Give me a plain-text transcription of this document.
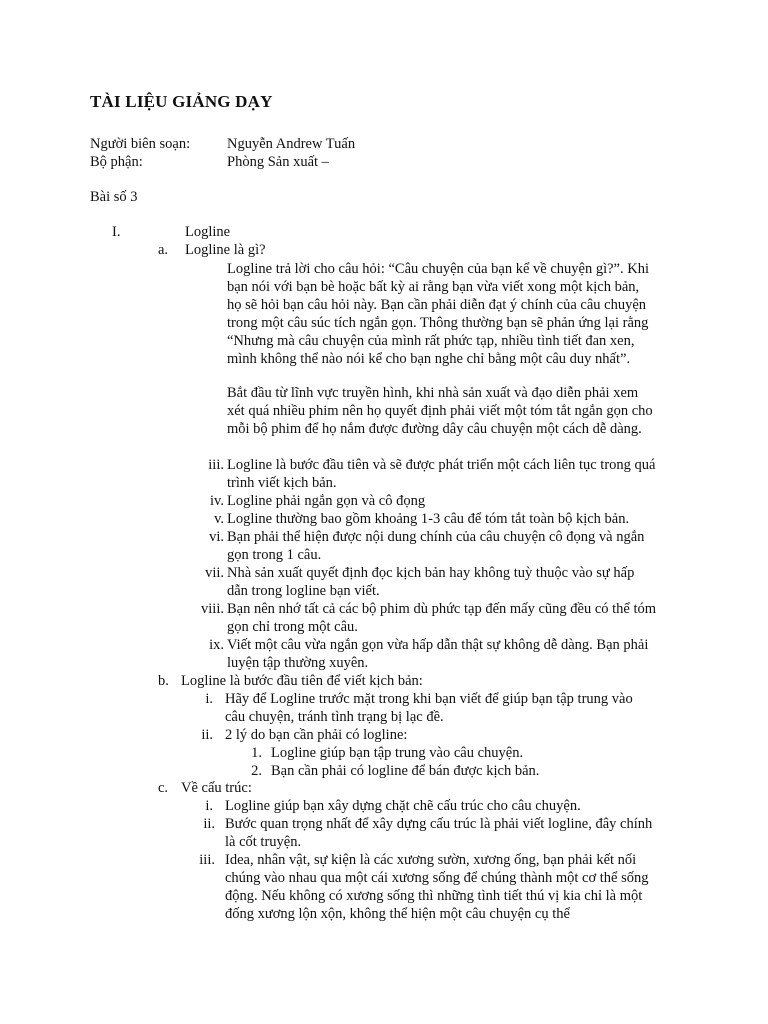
TÀI LIỆU GIẢNG DẠY
Người biên soạn:	Nguyễn Andrew Tuấn
Bộ phận:	Phòng Sản xuất –
Bài số 3
I.	Logline
a. Logline là gì?
Logline trả lời cho câu hỏi: “Câu chuyện của bạn kể về chuyện gì?”. Khi bạn nói với bạn bè hoặc bất kỳ ai rằng bạn vừa viết xong một kịch bản, họ sẽ hỏi bạn câu hỏi này. Bạn cần phải diễn đạt ý chính của câu chuyện trong một câu súc tích ngắn gọn. Thông thường bạn sẽ phản ứng lại rằng “Nhưng mà câu chuyện của mình rất phức tạp, nhiều tình tiết đan xen, mình không thể nào nói kể cho bạn nghe chỉ bằng một câu duy nhất”.
Bắt đầu từ lĩnh vực truyền hình, khi nhà sản xuất và đạo diễn phải xem xét quá nhiều phim nên họ quyết định phải viết một tóm tắt ngắn gọn cho mỗi bộ phim để họ nắm được đường dây câu chuyện một cách dễ dàng.
iii. Logline là bước đầu tiên và sẽ được phát triển một cách liên tục trong quá trình viết kịch bản.
iv. Logline phải ngắn gọn và cô đọng
v. Logline thường bao gồm khoảng 1-3 câu để tóm tắt toàn bộ kịch bản.
vi. Bạn phải thể hiện được nội dung chính của câu chuyện cô đọng và ngắn gọn trong 1 câu.
vii. Nhà sản xuất quyết định đọc kịch bản hay không tuỳ thuộc vào sự hấp dẫn trong logline bạn viết.
viii. Bạn nên nhớ tất cả các bộ phim dù phức tạp đến mấy cũng đều có thể tóm gọn chỉ trong một câu.
ix. Viết một câu vừa ngắn gọn vừa hấp dẫn thật sự không dễ dàng. Bạn phải luyện tập thường xuyên.
b. Logline là bước đầu tiên để viết kịch bản:
i. Hãy để Logline trước mặt trong khi bạn viết để giúp bạn tập trung vào câu chuyện, tránh tình trạng bị lạc đề.
ii. 2 lý do bạn cần phải có logline:
1. Logline giúp bạn tập trung vào câu chuyện.
2. Bạn cần phải có logline để bán được kịch bản.
c. Về cấu trúc:
i. Logline giúp bạn xây dựng chặt chẽ cấu trúc cho câu chuyện.
ii. Bước quan trọng nhất để xây dựng cấu trúc là phải viết logline, đây chính là cốt truyện.
iii. Idea, nhân vật, sự kiện là các xương sườn, xương ống, bạn phải kết nối chúng vào nhau qua một cái xương sống để chúng thành một cơ thể sống động. Nếu không có xương sống thì những tình tiết thú vị kia chỉ là một đống xương lộn xộn, không thể hiện một câu chuyện cụ thể
